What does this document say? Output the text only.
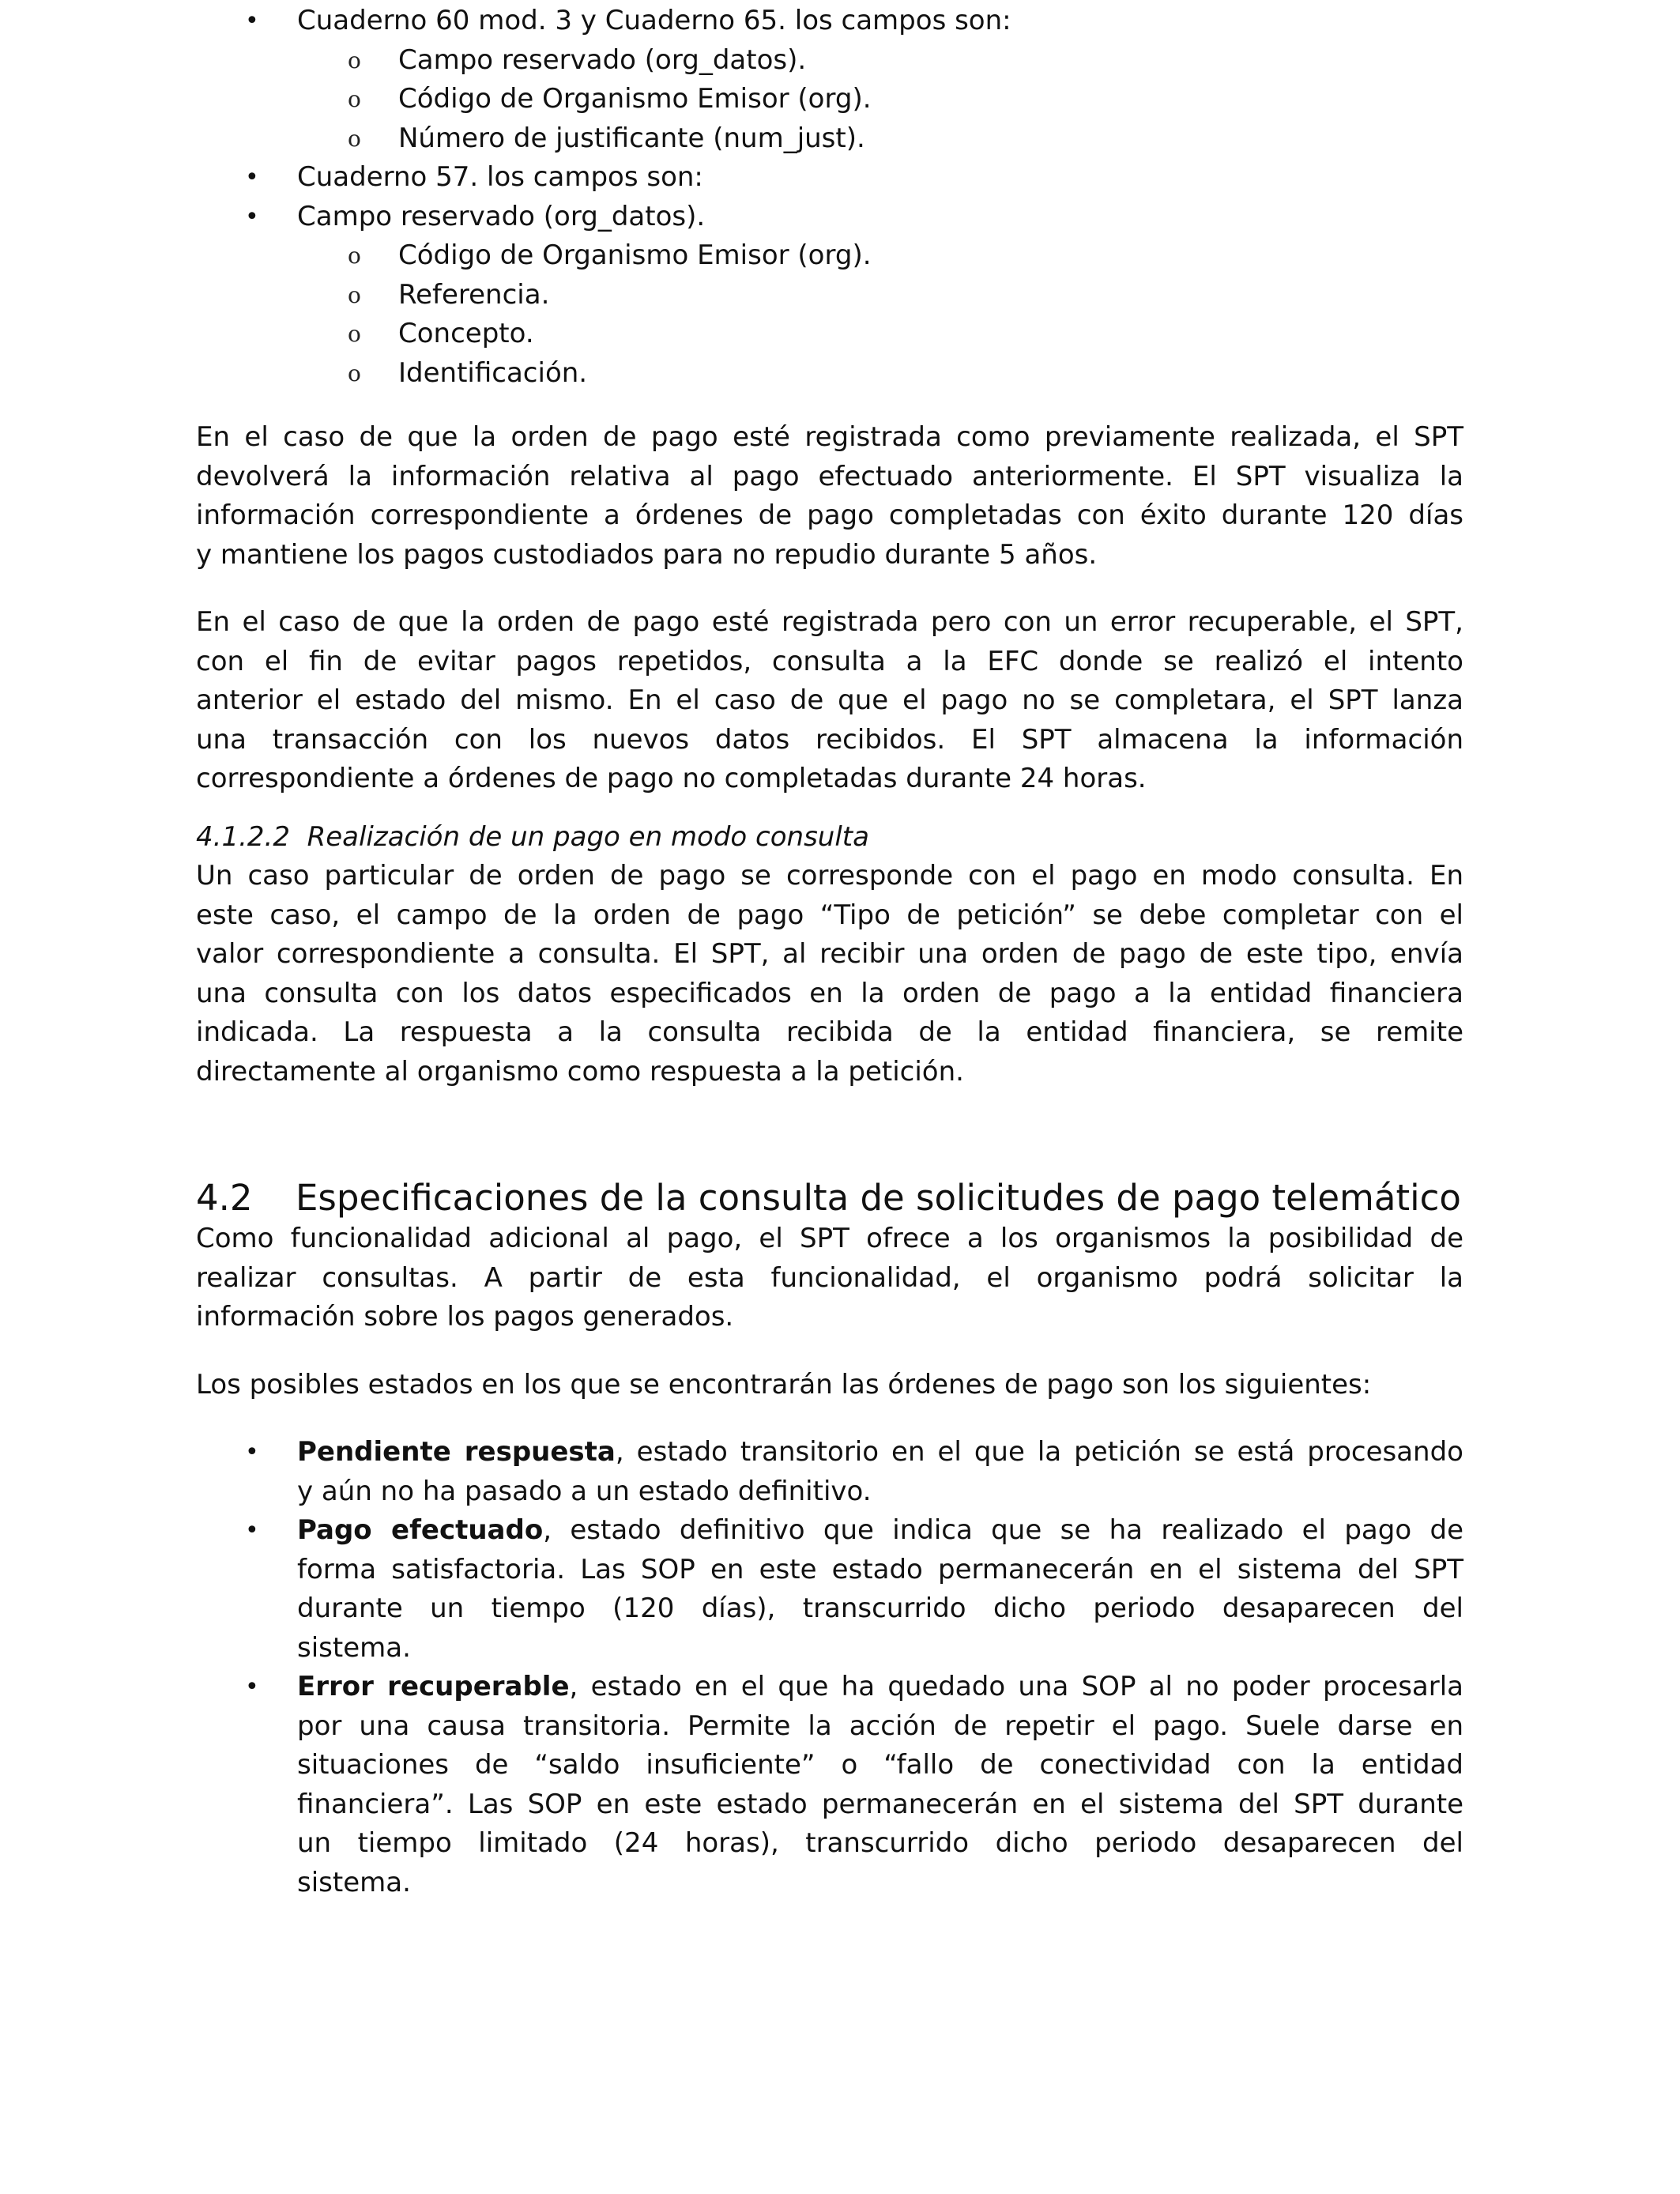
• Cuaderno 60 mod. 3 y Cuaderno 65. los campos son:
o Campo reservado (org_datos).
o Código de Organismo Emisor (org).
o Número de justificante (num_just).
• Cuaderno 57. los campos son:
• Campo reservado (org_datos).
o Código de Organismo Emisor (org).
o Referencia.
o Concepto.
o Identificación.
En el caso de que la orden de pago esté registrada como previamente realizada, el SPT
devolverá la información relativa al pago efectuado anteriormente. El SPT visualiza la
información correspondiente a órdenes de pago completadas con éxito durante 120 días
y mantiene los pagos custodiados para no repudio durante 5 años.
En el caso de que la orden de pago esté registrada pero con un error recuperable, el SPT,
con el fin de evitar pagos repetidos, consulta a la EFC donde se realizó el intento
anterior el estado del mismo. En el caso de que el pago no se completara, el SPT lanza
una transacción con los nuevos datos recibidos. El SPT almacena la información
correspondiente a órdenes de pago no completadas durante 24 horas.
4.1.2.2 Realización de un pago en modo consulta
Un caso particular de orden de pago se corresponde con el pago en modo consulta. En
este caso, el campo de la orden de pago “Tipo de petición” se debe completar con el
valor correspondiente a consulta. El SPT, al recibir una orden de pago de este tipo, envía
una consulta con los datos especificados en la orden de pago a la entidad financiera
indicada. La respuesta a la consulta recibida de la entidad financiera, se remite
directamente al organismo como respuesta a la petición.
4.2 Especificaciones de la consulta de solicitudes de pago telemático
Como funcionalidad adicional al pago, el SPT ofrece a los organismos la posibilidad de
realizar consultas. A partir de esta funcionalidad, el organismo podrá solicitar la
información sobre los pagos generados.
Los posibles estados en los que se encontrarán las órdenes de pago son los siguientes:
• Pendiente respuesta, estado transitorio en el que la petición se está procesando
y aún no ha pasado a un estado definitivo.
• Pago efectuado, estado definitivo que indica que se ha realizado el pago de
forma satisfactoria. Las SOP en este estado permanecerán en el sistema del SPT
durante un tiempo (120 días), transcurrido dicho periodo desaparecen del
sistema.
• Error recuperable, estado en el que ha quedado una SOP al no poder procesarla
por una causa transitoria. Permite la acción de repetir el pago. Suele darse en
situaciones de “saldo insuficiente” o “fallo de conectividad con la entidad
financiera”. Las SOP en este estado permanecerán en el sistema del SPT durante
un tiempo limitado (24 horas), transcurrido dicho periodo desaparecen del
sistema.
